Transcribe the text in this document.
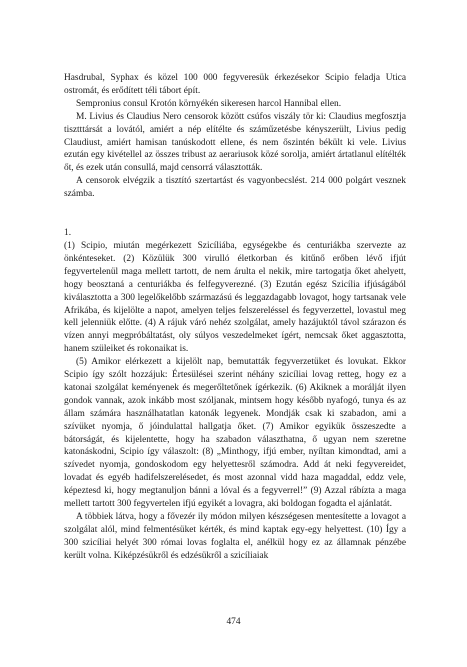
Hasdrubal, Syphax és közel 100 000 fegyveresük érkezésekor Scipio feladja Utica ostromát, és erődített téli tábort épít.

Sempronius consul Krotón környékén sikeresen harcol Hannibal ellen.

M. Livius és Claudius Nero censorok között csúfos viszály tör ki: Claudius megfosztja tisztttársát a lovától, amiért a nép elítélte és száműzetésbe kényszerült, Livius pedig Claudiust, amiért hamisan tanúskodott ellene, és nem őszintén békült ki vele. Livius ezután egy kivétellel az összes tribust az aerariusok közé sorolja, amiért ártatlanul elítélték őt, és ezek után consullá, majd censorrá választották.

A censorok elvégzik a tisztító szertartást és vagyonbecslést. 214 000 polgárt vesznek számba.

1.

(1) Scipio, miután megérkezett Szicíliába, egységekbe és centuriákba szervezte az önkénteseket. (2) Közülük 300 virulló életkorban és kitűnő erőben lévő ifjút fegyvertelenül maga mellett tartott, de nem árulta el nekik, mire tartogatja őket ahelyett, hogy beosztaná a centuriákba és felfegyverezné. (3) Ezután egész Szicília ifjúságából kiválasztotta a 300 legelőkelőbb származású és leggazdagabb lovagot, hogy tartsanak vele Afrikába, és kijelölte a napot, amelyen teljes felszereléssel és fegyverzettel, lovastul meg kell jelenniük előtte. (4) A rájuk váró nehéz szolgálat, amely hazájuktól távol szárazon és vízen annyi megpróbáltatást, oly súlyos veszedelmeket ígért, nemcsak őket aggasztotta, hanem szüleiket és rokonaikat is.

(5) Amikor elérkezett a kijelölt nap, bemutatták fegyverzetüket és lovukat. Ekkor Scipio így szólt hozzájuk: Értesülései szerint néhány szicíliai lovag retteg, hogy ez a katonai szolgálat keményenek és megerőltetőnek ígérkezik. (6) Akiknek a morálját ilyen gondok vannak, azok inkább most szóljanak, mintsem hogy később nyafogó, tunya és az állam számára használhatatlan katonák legyenek. Mondják csak ki szabadon, ami a szívüket nyomja, ő jóindulattal hallgatja őket. (7) Amikor egyikük összeszedte a bátorságát, és kijelentette, hogy ha szabadon választhatna, ő ugyan nem szeretne katonáskodni, Scipio így válaszolt: (8) „Minthogy, ifjú ember, nyíltan kimondtad, ami a szívedet nyomja, gondoskodom egy helyettesről számodra. Add át neki fegyvereidet, lovadat és egyéb hadifelszerelésedet, és most azonnal vidd haza magaddal, eddz vele, képeztesd ki, hogy megtanuljon bánni a lóval és a fegyverrel!” (9) Azzal rábízta a maga mellett tartott 300 fegyvertelen ifjú egyikét a lovagra, aki boldogan fogadta el ajánlatát.

A többiek látva, hogy a fővezér ily módon milyen készségesen mentesítette a lovagot a szolgálat alól, mind felmentésüket kérték, és mind kaptak egy-egy helyettest. (10) Így a 300 szicíliai helyét 300 római lovas foglalta el, anélkül hogy ez az államnak pénzébe került volna. Kiképzésükről és edzésükről a szicíliaiak

474
